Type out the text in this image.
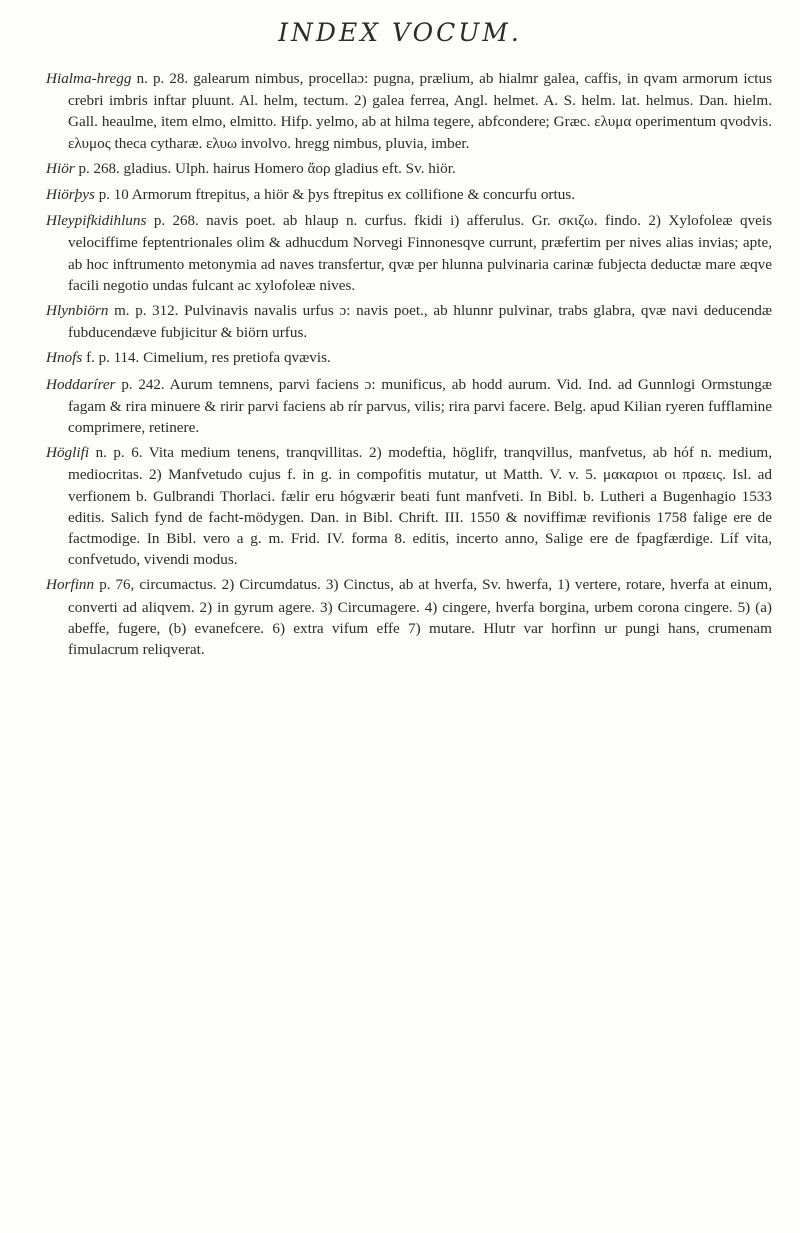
INDEX VOCUM.

Hialma-hregg n. p. 28. galearum nimbus, procellaɔ: pugna, prælium, ab hialmr galea, caffis, in qvam armorum ictus crebri imbris inftar pluunt. Al. helm, tectum. 2) galea ferrea, Angl. helmet. A. S. helm. lat. helmus. Dan. hielm. Gall. heaulme, item elmo, elmitto. Hifp. yelmo, ab at hilma tegere, abfcondere; Græc. ελυμα operimentum qvodvis. ελυμος theca cytharæ. ελυω involvo. hregg nimbus, pluvia, imber.

Hiör p. 268. gladius. Ulph. hairus Homero ἄορ gladius eft. Sv. hiör.

Hiörþys p. 10 Armorum ftrepitus, a hiör & þys ftrepitus ex collifione & concurfu ortus.

Hleypifkidihluns p. 268. navis poet. ab hlaup n. curfus. fkidi i) afferulus. Gr. σκιζω. findo. 2) Xylofoleæ qveis velociffime feptentrionales olim & adhucdum Norvegi Finnonesqve currunt, præfertim per nives alias invias; apte, ab hoc inftrumento metonymia ad naves transfertur, qvæ per hlunna pulvinaria carinæ fubjecta deductæ mare æqve facili negotio undas fulcant ac xylofoleæ nives.

Hlynbiörn m. p. 312. Pulvinavis navalis urfus ɔ: navis poet., ab hlunnr pulvinar, trabs glabra, qvæ navi deducendæ fubducendæve fubjicitur & biörn urfus.

Hnofs f. p. 114. Cimelium, res pretiofa qvævis.

Hoddarírer p. 242. Aurum temnens, parvi faciens ɔ: munificus, ab hodd aurum. Vid. Ind. ad Gunnlogi Ormstungæ fagam & rira minuere & ririr parvi faciens ab rír parvus, vilis; rira parvi facere. Belg. apud Kilian ryeren fufflamine comprimere, retinere.

Höglifi n. p. 6. Vita medium tenens, tranqvillitas. 2) modeftia, höglifr, tranqvillus, manfvetus, ab hóf n. medium, mediocritas. 2) Manfvetudo cujus f. in g. in compofitis mutatur, ut Matth. V. v. 5. μακαριοι οι πραεις. Isl. ad verfionem b. Gulbrandi Thorlaci. fælir eru hógværir beati funt manfveti. In Bibl. b. Lutheri a Bugenhagio 1533 editis. Salich fynd de facht-mödygen. Dan. in Bibl. Chrift. III. 1550 & noviffimæ revifionis 1758 falige ere de factmodige. In Bibl. vero a g. m. Frid. IV. forma 8. editis, incerto anno, Salige ere de fpagfærdige. Líf vita, confvetudo, vivendi modus.

Horfinn p. 76, circumactus. 2) Circumdatus. 3) Cinctus, ab at hverfa, Sv. hwerfa, 1) vertere, rotare, hverfa at einum, converti ad aliqvem. 2) in gyrum agere. 3) Circumagere. 4) cingere, hverfa borgina, urbem corona cingere. 5) (a) abeffe, fugere, (b) evanefcere. 6) extra vifum effe 7) mutare. Hlutr var horfinn ur pungi hans, crumenam fimulacrum reliqverat.
